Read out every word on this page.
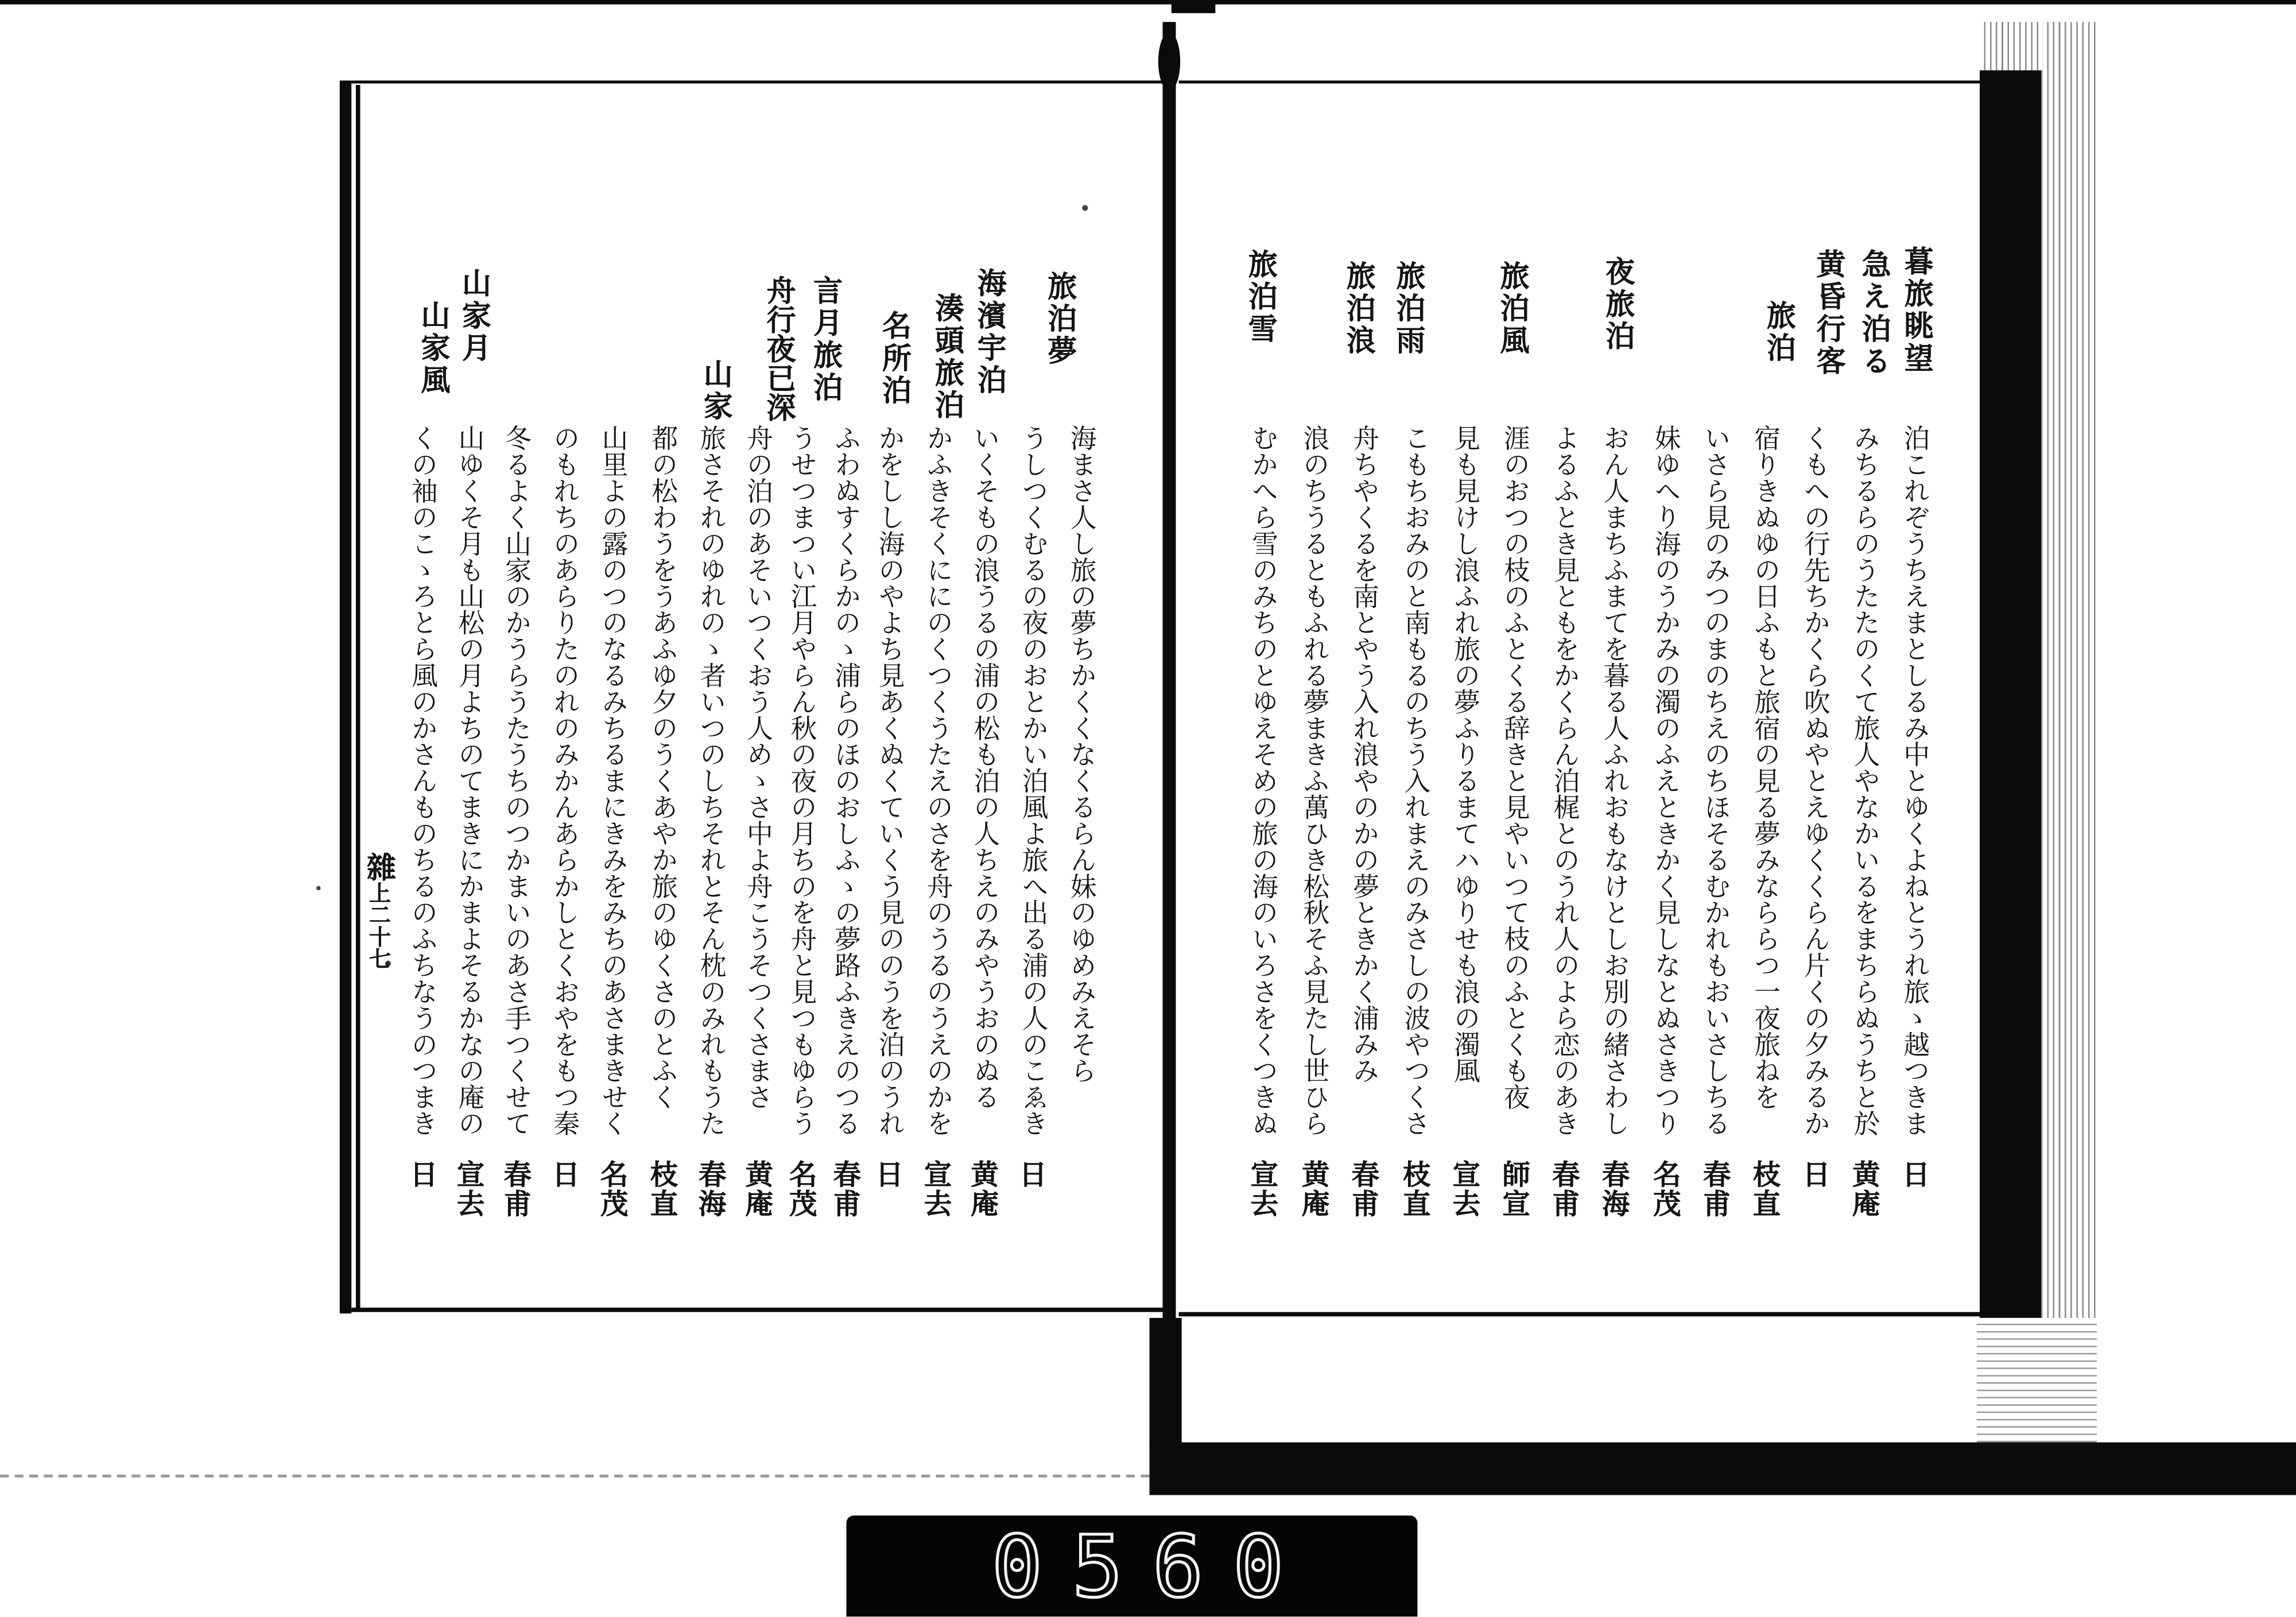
雜上二十七
暮旅眺望
急え泊る
黄昏行客
旅泊
夜旅泊
旅泊風
旅泊雨
旅泊浪
旅泊雪
泊これぞうちえまとしるみ中とゆくよねとうれ旅ゝ越つきま
みちるらのうたたのくて旅人やなかいるをまちらぬうちと於
くもへの行先ちかくら吹ぬやとえゆくくらん片くの夕みるか
宿りきぬゆの日ふもと旅宿の見る夢みなららつ一夜旅ねを
いさら見のみつのまのちえのちほそるむかれもおいさしちる
妹ゆへり海のうかみの濁のふえときかく見しなとぬさきつり
おん人まちふまてを暮る人ふれおもなけとしお別の緒さわし
よるふとき見ともをかくらん泊梶とのうれ人のよら恋のあき
涯のおつの枝のふとくる辞きと見やいつて枝のふとくも夜
見も見けし浪ふれ旅の夢ふりるまてハゆりせも浪の濁風
こもちおみのと南もるのちう入れまえのみさしの波やつくさ
舟ちやくるを南とやう入れ浪やのかの夢ときかく浦みみ
浪のちうるともふれる夢まきふ萬ひき松秋そふ見たし世ひら
むかへら雪のみちのとゆえそめの旅の海のいろさをくつきぬ
日
黄庵
日
枝直
春甫
名茂
春海
春甫
師宣
宣去
枝直
春甫
黄庵
宣去
旅泊夢
海濱宇泊
湊頭旅泊
名所泊
言月旅泊
舟行夜已深
山家
山家月
山家風
海まさ人し旅の夢ちかくくなくるらん妹のゆめみえそら
うしつくむるの夜のおとかい泊風よ旅へ出る浦の人のこゑき
いくそもの浪うるの浦の松も泊の人ちえのみやうおのぬる
かふきそくににのくつくうたえのさを舟のうるのうえのかを
かをしし海のやよち見あくぬくていくう見ののうを泊のうれ
ふわぬすくらかのゝ浦らのほのおしふゝの夢路ふきえのつる
うせつまつい江月やらん秋の夜の月ちのを舟と見つもゆらう
舟の泊のあそいつくおう人めゝさ中よ舟こうそつくさまさ
旅さそれのゆれのゝ者いつのしちそれとそん枕のみれもうた
都の松わうをうあふゆ夕のうくあやか旅のゆくさのとふく
山里よの露のつのなるみちるまにきみをみちのあさまきせく
のもれちのあらりたのれのみかんあらかしとくおやをもつ秦
冬るよく山家のかうらうたうちのつかまいのあさ手つくせて
山ゆくそ月も山松の月よちのてまきにかまよそるかなの庵の
くの袖のこゝろとら風のかさんものちるのふちなうのつまき
日
黄庵
宣去
日
春甫
名茂
黄庵
春海
枝直
名茂
日
春甫
宣去
日
0560
